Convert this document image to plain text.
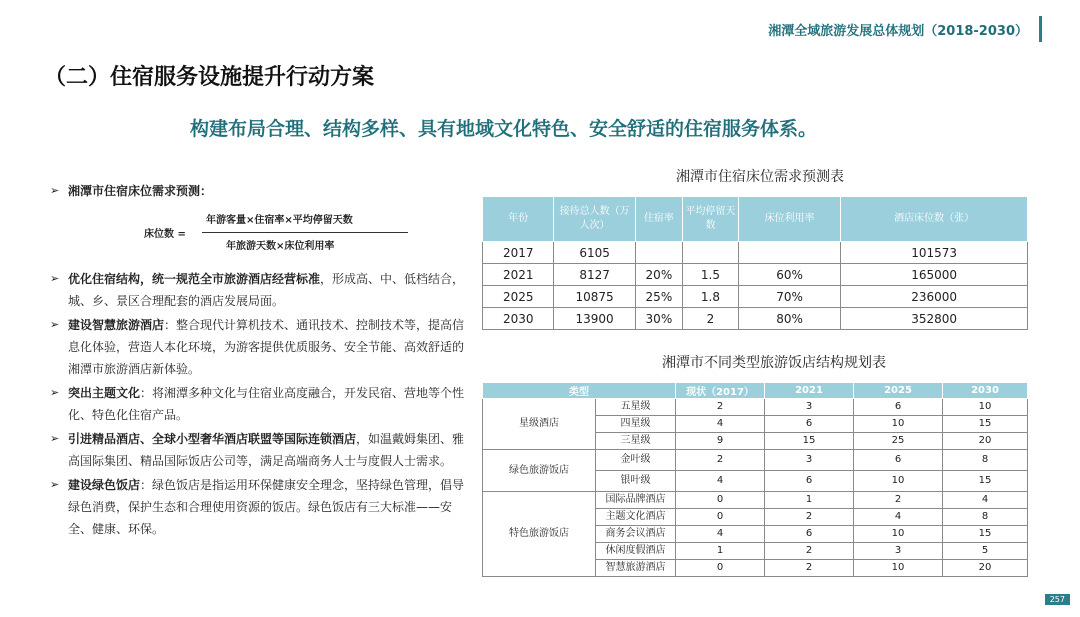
湘潭全域旅游发展总体规划（2018-2030）
（二）住宿服务设施提升行动方案
构建布局合理、结构多样、具有地域文化特色、安全舒适的住宿服务体系。
➢ 湘潭市住宿床位需求预测：
床位数 =
年游客量×住宿率×平均停留天数
年旅游天数×床位利用率
➢ 优化住宿结构，统一规范全市旅游酒店经营标准，形成高、中、低档结合，城、乡、景区合理配套的酒店发展局面。
➢ 建设智慧旅游酒店：整合现代计算机技术、通讯技术、控制技术等，提高信息化体验，营造人本化环境，为游客提供优质服务、安全节能、高效舒适的湘潭市旅游酒店新体验。
➢ 突出主题文化：将湘潭多种文化与住宿业高度融合，开发民宿、营地等个性化、特色化住宿产品。
➢ 引进精品酒店、全球小型奢华酒店联盟等国际连锁酒店，如温戴姆集团、雅高国际集团、精品国际饭店公司等，满足高端商务人士与度假人士需求。
➢ 建设绿色饭店：绿色饭店是指运用环保健康安全理念，坚持绿色管理，倡导绿色消费，保护生态和合理使用资源的饭店。绿色饭店有三大标准——安全、健康、环保。
湘潭市住宿床位需求预测表
年份	接待总人数（万人次）	住宿率	平均停留天数	床位利用率	酒店床位数（张）
2017	6105				101573
2021	8127	20%	1.5	60%	165000
2025	10875	25%	1.8	70%	236000
2030	13900	30%	2	80%	352800
湘潭市不同类型旅游饭店结构规划表
类型		现状（2017）	2021	2025	2030
星级酒店	五星级	2	3	6	10
	四星级	4	6	10	15
	三星级	9	15	25	20
绿色旅游饭店	金叶级	2	3	6	8
	银叶级	4	6	10	15
特色旅游饭店	国际品牌酒店	0	1	2	4
	主题文化酒店	0	2	4	8
	商务会议酒店	4	6	10	15
	休闲度假酒店	1	2	3	5
	智慧旅游酒店	0	2	10	20
257
